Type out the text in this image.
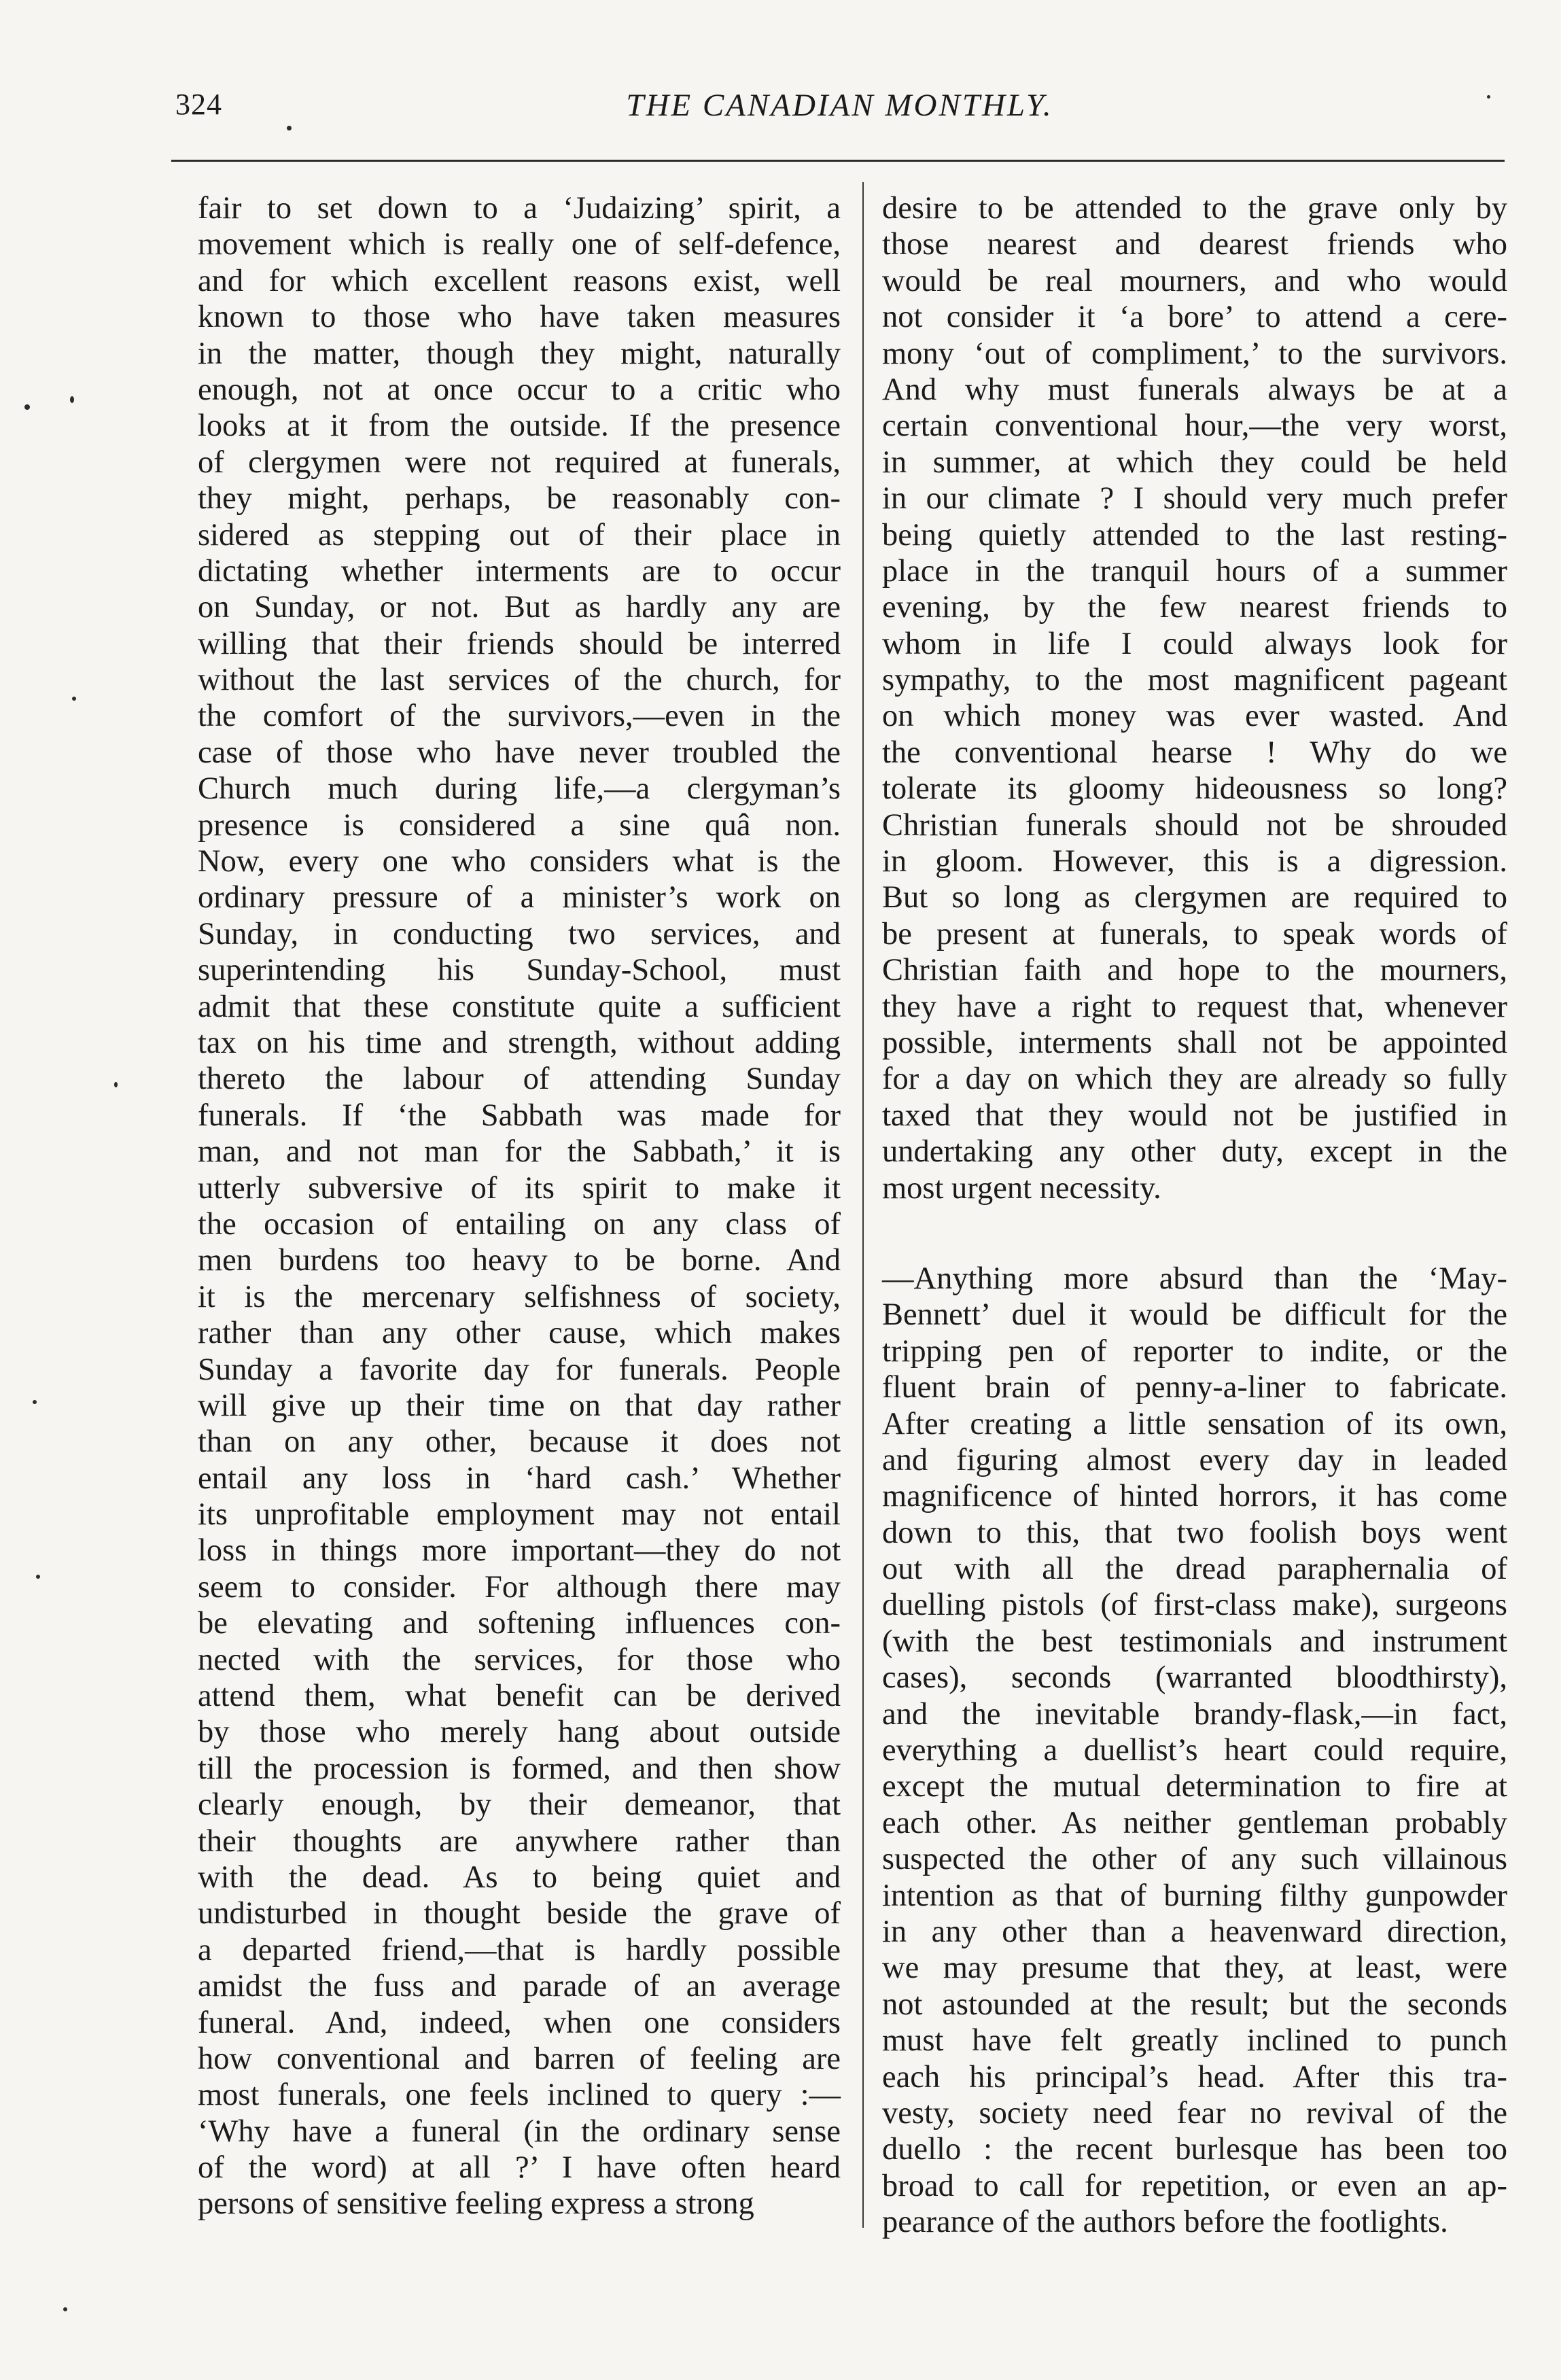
324	THE CANADIAN MONTHLY.
fair to set down to a ‘Judaizing’ spirit, a
movement which is really one of self-defence,
and for which excellent reasons exist, well
known to those who have taken measures
in the matter, though they might, naturally
enough, not at once occur to a critic who
looks at it from the outside. If the presence
of clergymen were not required at funerals,
they might, perhaps, be reasonably con-
sidered as stepping out of their place in
dictating whether interments are to occur
on Sunday, or not. But as hardly any are
willing that their friends should be interred
without the last services of the church, for
the comfort of the survivors,—even in the
case of those who have never troubled the
Church much during life,—a clergyman’s
presence is considered a sine quâ non.
Now, every one who considers what is the
ordinary pressure of a minister’s work on
Sunday, in conducting two services, and
superintending his Sunday-School, must
admit that these constitute quite a sufficient
tax on his time and strength, without adding
thereto the labour of attending Sunday
funerals. If ‘the Sabbath was made for
man, and not man for the Sabbath,’ it is
utterly subversive of its spirit to make it
the occasion of entailing on any class of
men burdens too heavy to be borne. And
it is the mercenary selfishness of society,
rather than any other cause, which makes
Sunday a favorite day for funerals. People
will give up their time on that day rather
than on any other, because it does not
entail any loss in ‘hard cash.’ Whether
its unprofitable employment may not entail
loss in things more important—they do not
seem to consider. For although there may
be elevating and softening influences con-
nected with the services, for those who
attend them, what benefit can be derived
by those who merely hang about outside
till the procession is formed, and then show
clearly enough, by their demeanor, that
their thoughts are anywhere rather than
with the dead. As to being quiet and
undisturbed in thought beside the grave of
a departed friend,—that is hardly possible
amidst the fuss and parade of an average
funeral. And, indeed, when one considers
how conventional and barren of feeling are
most funerals, one feels inclined to query :—
‘Why have a funeral (in the ordinary sense
of the word) at all ?’ I have often heard
persons of sensitive feeling express a strong
desire to be attended to the grave only by
those nearest and dearest friends who
would be real mourners, and who would
not consider it ‘a bore’ to attend a cere-
mony ‘out of compliment,’ to the survivors.
And why must funerals always be at a
certain conventional hour,—the very worst,
in summer, at which they could be held
in our climate ? I should very much prefer
being quietly attended to the last resting-
place in the tranquil hours of a summer
evening, by the few nearest friends to
whom in life I could always look for
sympathy, to the most magnificent pageant
on which money was ever wasted. And
the conventional hearse ! Why do we
tolerate its gloomy hideousness so long?
Christian funerals should not be shrouded
in gloom. However, this is a digression.
But so long as clergymen are required to
be present at funerals, to speak words of
Christian faith and hope to the mourners,
they have a right to request that, whenever
possible, interments shall not be appointed
for a day on which they are already so fully
taxed that they would not be justified in
undertaking any other duty, except in the
most urgent necessity.
—Anything more absurd than the ‘May-
Bennett’ duel it would be difficult for the
tripping pen of reporter to indite, or the
fluent brain of penny-a-liner to fabricate.
After creating a little sensation of its own,
and figuring almost every day in leaded
magnificence of hinted horrors, it has come
down to this, that two foolish boys went
out with all the dread paraphernalia of
duelling pistols (of first-class make), surgeons
(with the best testimonials and instrument
cases), seconds (warranted bloodthirsty),
and the inevitable brandy-flask,—in fact,
everything a duellist’s heart could require,
except the mutual determination to fire at
each other. As neither gentleman probably
suspected the other of any such villainous
intention as that of burning filthy gunpowder
in any other than a heavenward direction,
we may presume that they, at least, were
not astounded at the result; but the seconds
must have felt greatly inclined to punch
each his principal’s head. After this tra-
vesty, society need fear no revival of the
duello : the recent burlesque has been too
broad to call for repetition, or even an ap-
pearance of the authors before the footlights.
